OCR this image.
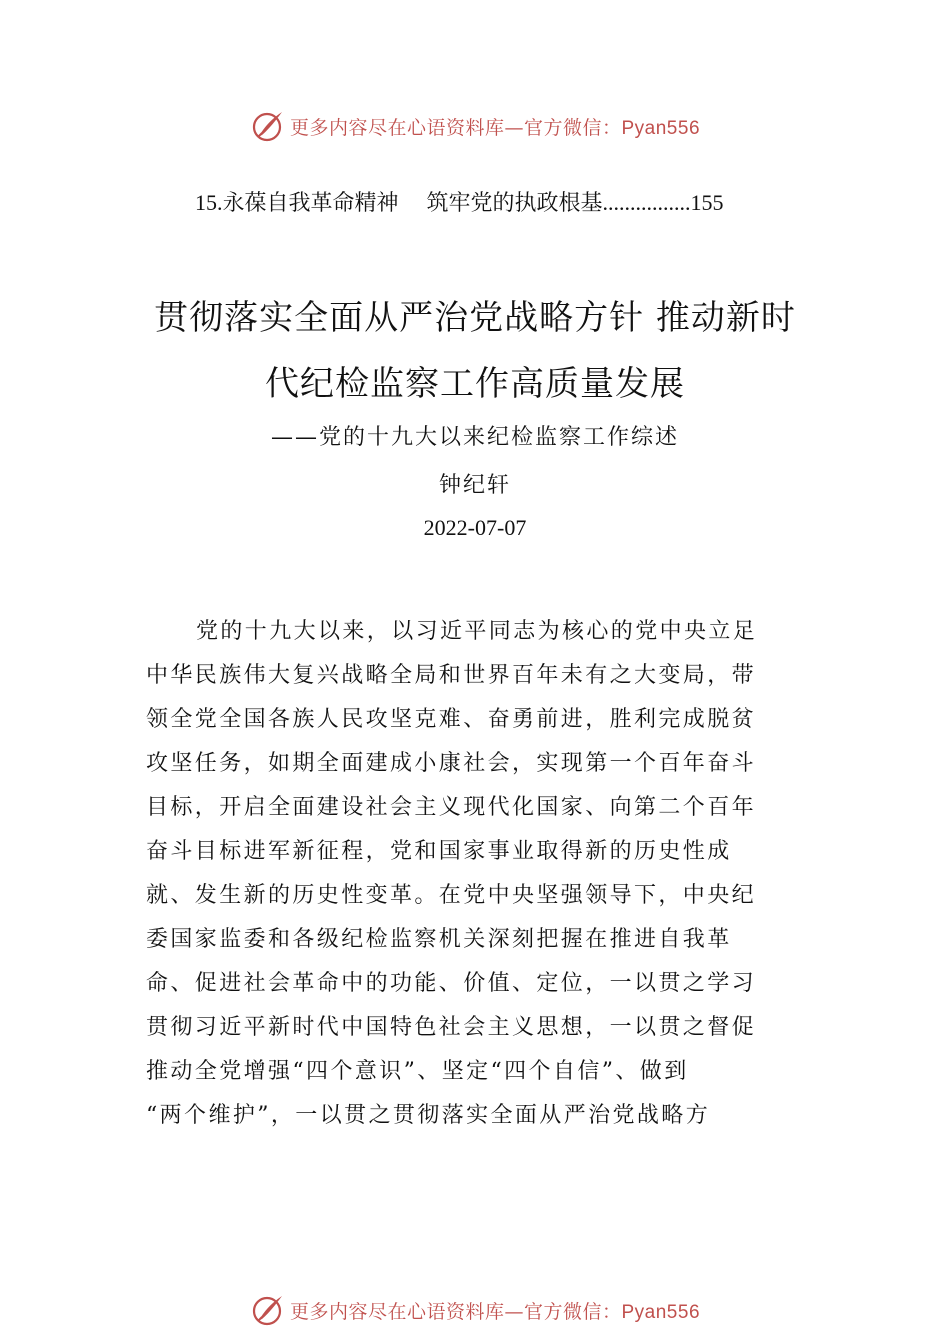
更多内容尽在心语资料库—官方微信：Pyan556
15.永葆自我革命精神 筑牢党的执政根基................155
贯彻落实全面从严治党战略方针 推动新时
代纪检监察工作高质量发展
——党的十九大以来纪检监察工作综述
钟纪轩
2022-07-07
党的十九大以来，以习近平同志为核心的党中央立足
中华民族伟大复兴战略全局和世界百年未有之大变局，带
领全党全国各族人民攻坚克难、奋勇前进，胜利完成脱贫
攻坚任务，如期全面建成小康社会，实现第一个百年奋斗
目标，开启全面建设社会主义现代化国家、向第二个百年
奋斗目标进军新征程，党和国家事业取得新的历史性成
就、发生新的历史性变革。在党中央坚强领导下，中央纪
委国家监委和各级纪检监察机关深刻把握在推进自我革
命、促进社会革命中的功能、价值、定位，一以贯之学习
贯彻习近平新时代中国特色社会主义思想，一以贯之督促
推动全党增强“四个意识”、坚定“四个自信”、做到
“两个维护”，一以贯之贯彻落实全面从严治党战略方
更多内容尽在心语资料库—官方微信：Pyan556
